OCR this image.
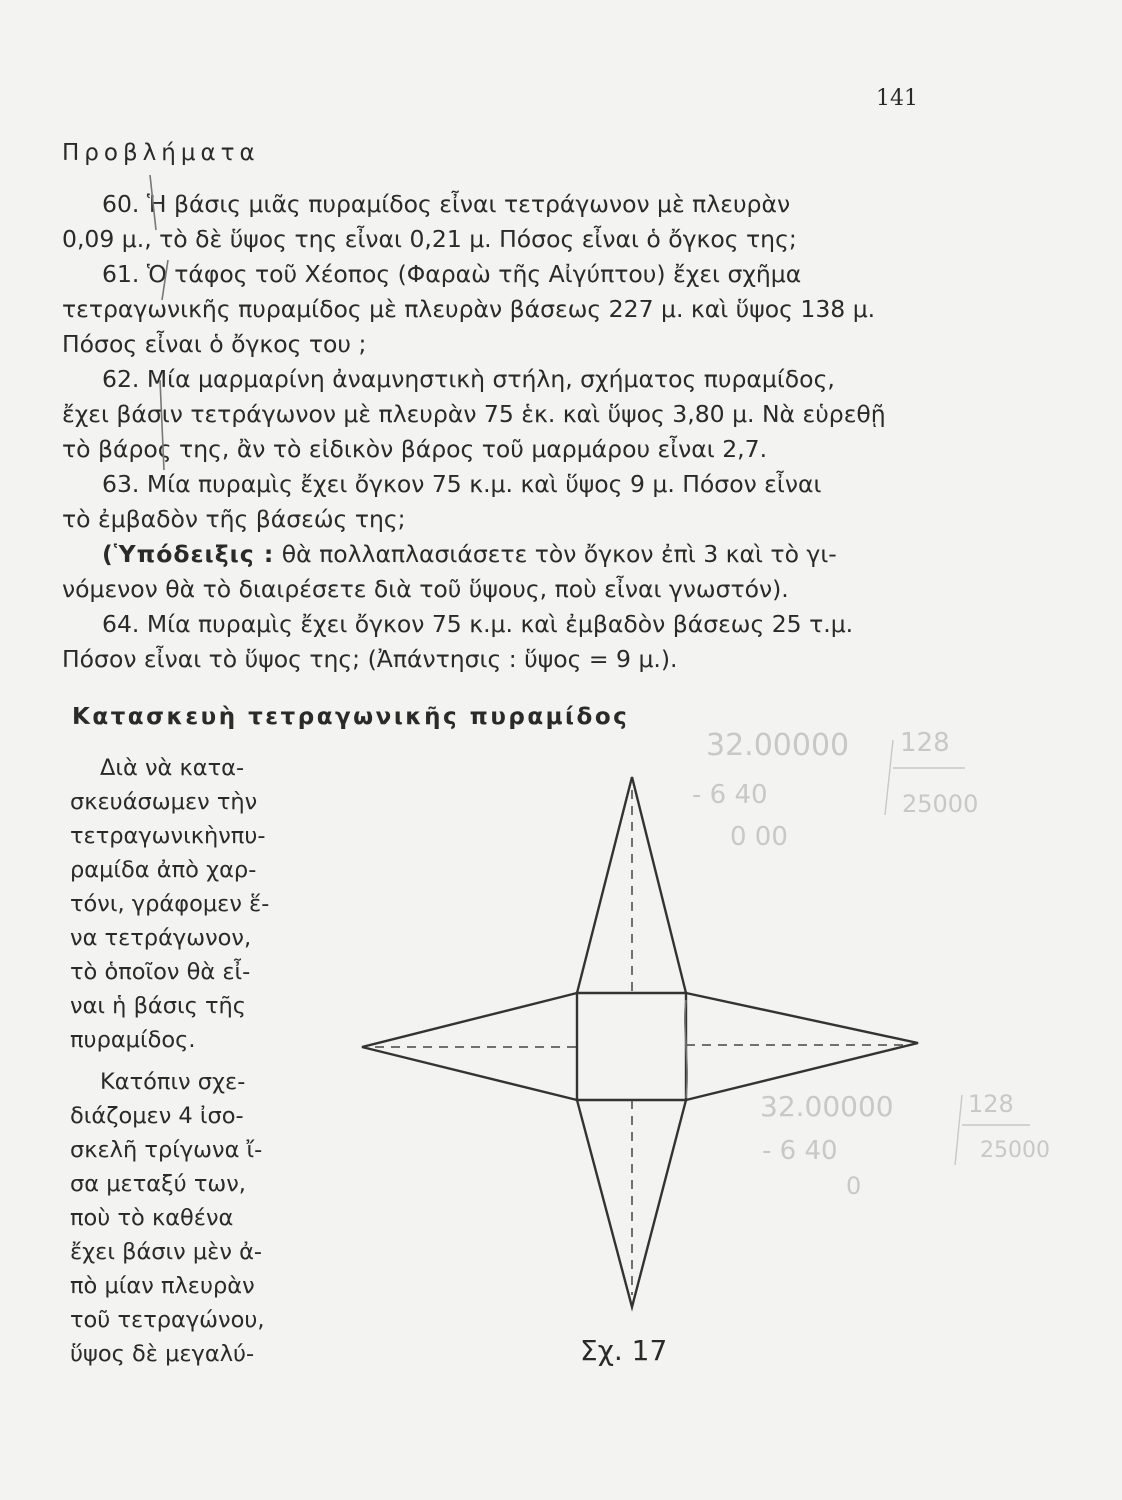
141
Προβλήματα
60. Ἡ βάσις μιᾶς πυραμίδος εἶναι τετράγωνον μὲ πλευρὰν
0,09 μ., τὸ δὲ ὕψος της εἶναι 0,21 μ. Πόσος εἶναι ὁ ὄγκος της;
61. Ὁ τάφος τοῦ Χέοπος (Φαραὼ τῆς Αἰγύπτου) ἔχει σχῆμα
τετραγωνικῆς πυραμίδος μὲ πλευρὰν βάσεως 227 μ. καὶ ὕψος 138 μ.
Πόσος εἶναι ὁ ὄγκος του ;
62. Μία μαρμαρίνη ἀναμνηστικὴ στήλη, σχήματος πυραμίδος,
ἔχει βάσιν τετράγωνον μὲ πλευρὰν 75 ἑκ. καὶ ὕψος 3,80 μ. Νὰ εὑρεθῇ
τὸ βάρος της, ἂν τὸ εἰδικὸν βάρος τοῦ μαρμάρου εἶναι 2,7.
63. Μία πυραμὶς ἔχει ὄγκον 75 κ.μ. καὶ ὕψος 9 μ. Πόσον εἶναι
τὸ ἐμβαδὸν τῆς βάσεώς της;
(Ὑπόδειξις : θὰ πολλαπλασιάσετε τὸν ὄγκον ἐπὶ 3 καὶ τὸ γι-
νόμενον θὰ τὸ διαιρέσετε διὰ τοῦ ὕψους, ποὺ εἶναι γνωστόν).
64. Μία πυραμὶς ἔχει ὄγκον 75 κ.μ. καὶ ἐμβαδὸν βάσεως 25 τ.μ.
Πόσον εἶναι τὸ ὕψος της; (Ἀπάντησις : ὕψος = 9 μ.).
Κατασκευὴ τετραγωνικῆς πυραμίδος
Διὰ νὰ κατα-
σκευάσωμεν τὴν
τετραγωνικὴνπυ-
ραμίδα ἀπὸ χαρ-
τόνι, γράφομεν ἕ-
να τετράγωνον,
τὸ ὁποῖον θὰ εἶ-
ναι ἡ βάσις τῆς
πυραμίδος.
Κατόπιν σχε-
διάζομεν 4 ἰσο-
σκελῆ τρίγωνα ἴ-
σα μεταξύ των,
ποὺ τὸ καθένα
ἔχει βάσιν μὲν ἀ-
πὸ μίαν πλευρὰν
τοῦ τετραγώνου,
ὕψος δὲ μεγαλύ-	Σχ. 17
32.00000 128
- 6 40	25000
0 00
32.00000	128
- 6 40	25000
0
